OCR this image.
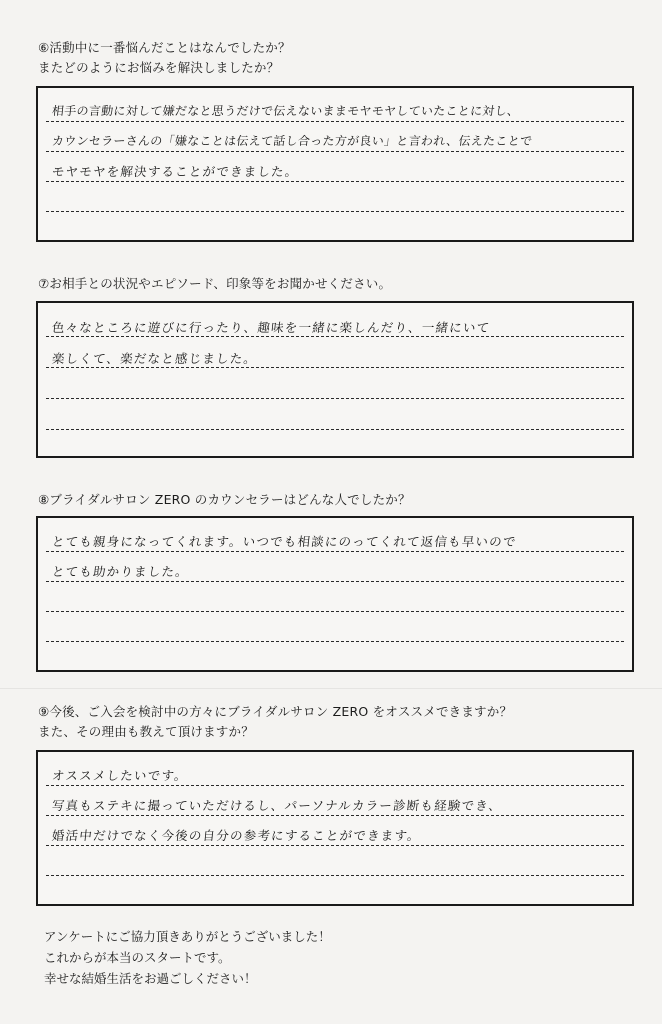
⑥活動中に一番悩んだことはなんでしたか？
またどのようにお悩みを解決しましたか？
相手の言動に対して嫌だなと思うだけで伝えないままモヤモヤしていたことに対し、
カウンセラーさんの「嫌なことは伝えて話し合った方が良い」と言われ、伝えたことで
モヤモヤを解決することができました。
⑦お相手との状況やエピソード、印象等をお聞かせください。
色々なところに遊びに行ったり、趣味を一緒に楽しんだり、一緒にいて
楽しくて、楽だなと感じました。
⑧ブライダルサロン ZERO のカウンセラーはどんな人でしたか？
とても親身になってくれます。いつでも相談にのってくれて返信も早いので
とても助かりました。
⑨今後、ご入会を検討中の方々にブライダルサロン ZERO をオススメできますか？
また、その理由も教えて頂けますか？
オススメしたいです。
写真もステキに撮っていただけるし、パーソナルカラー診断も経験でき、
婚活中だけでなく今後の自分の参考にすることができます。
アンケートにご協力頂きありがとうございました！
これからが本当のスタートです。
幸せな結婚生活をお過ごしください！
